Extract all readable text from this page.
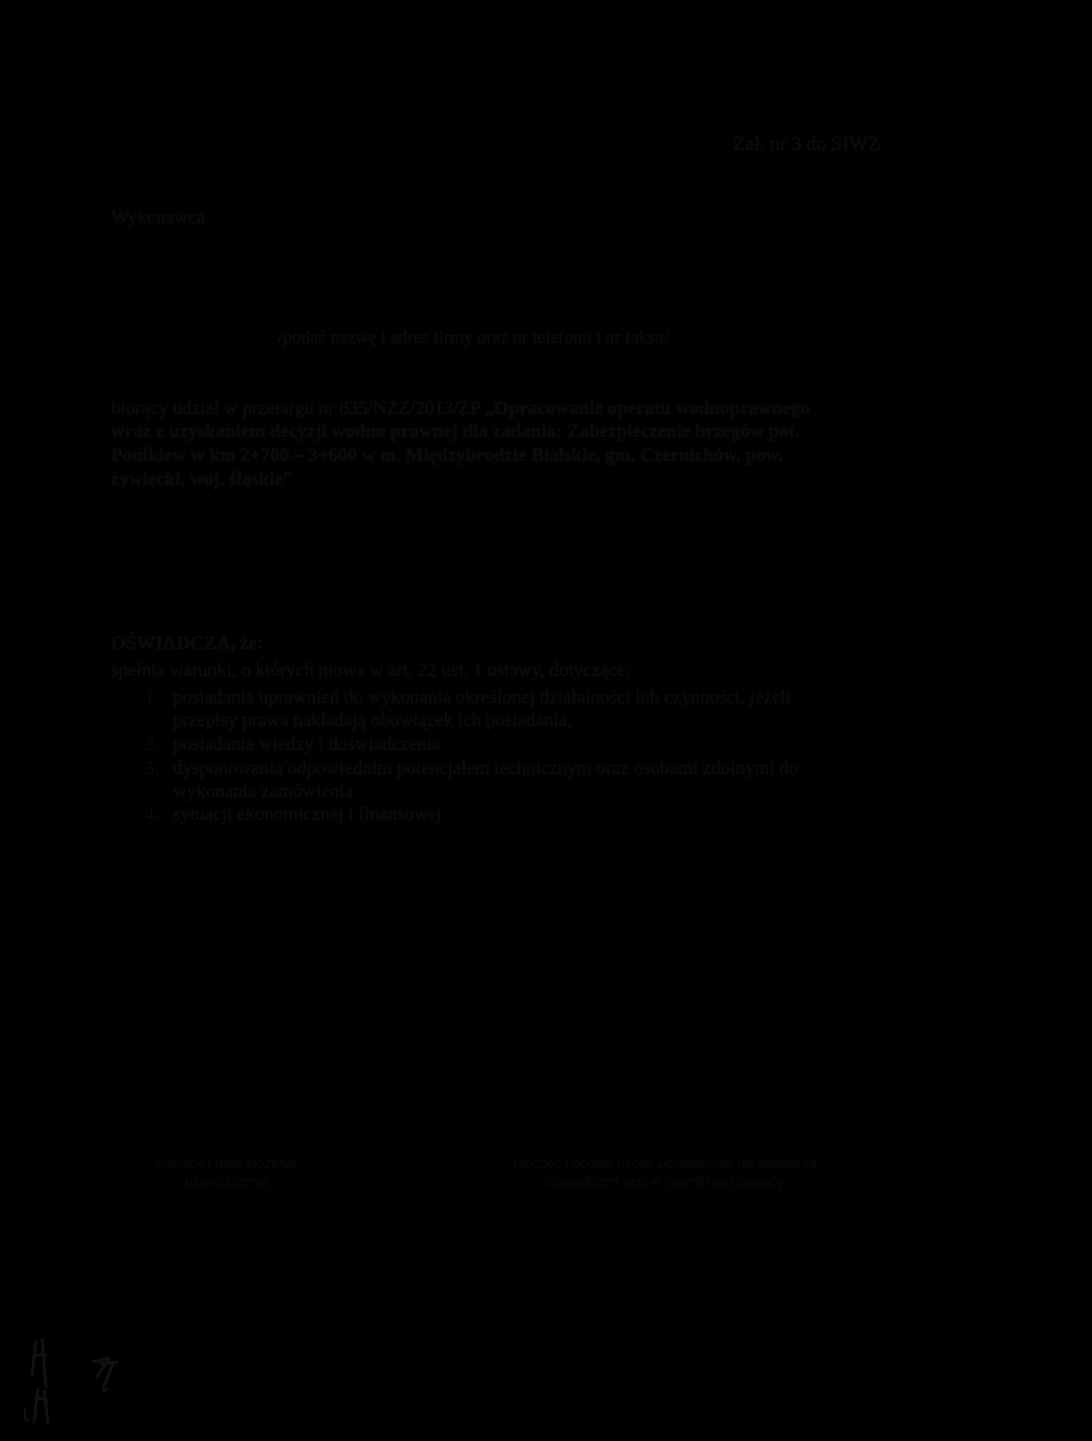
Zał. nr 3 do SIWZ
Wykonawca ..................................................................................................................................................................................................
..........................................................................................................................................................................................................................
..........................................................................................................................................................................................................................
/podać nazwę i adres firmy oraz nr telefonu i nr faksu/
biorący udział w przetargu nr 835/NZZ/2013/ZP „Opracowanie operatu wodnoprawnego
wraz z uzyskaniem decyzji wodno prawnej dla zadania: Zabezpieczenie brzegów pot.
Ponikiew w km 2+700 – 3+600 w m. Międzybrodzie Bialskie, gm. Czernichów, pow.
żywiecki, woj. śląskie”
OŚWIADCZA, że:
spełnia warunki, o których mowa w art. 22 ust. 1 ustawy, dotyczące:
1. posiadania uprawnień do wykonania określonej działalności lub czynności, jeżeli
przepisy prawa nakładają obowiązek ich posiadania,
2. posiadania wiedzy i doświadczenia
3. dysponowania odpowiednim potencjałem technicznym oraz osobami zdolnymi do
wykonania zamówienia
4. sytuacji ekonomicznej i finansowej
........................................................................................	..............................................................................................................................
miejsce i data złożenia
oświadczenia
pieczęć i podpis osoby uprawnionej do składania
oświadczeń woli w imieniu wykonawcy
